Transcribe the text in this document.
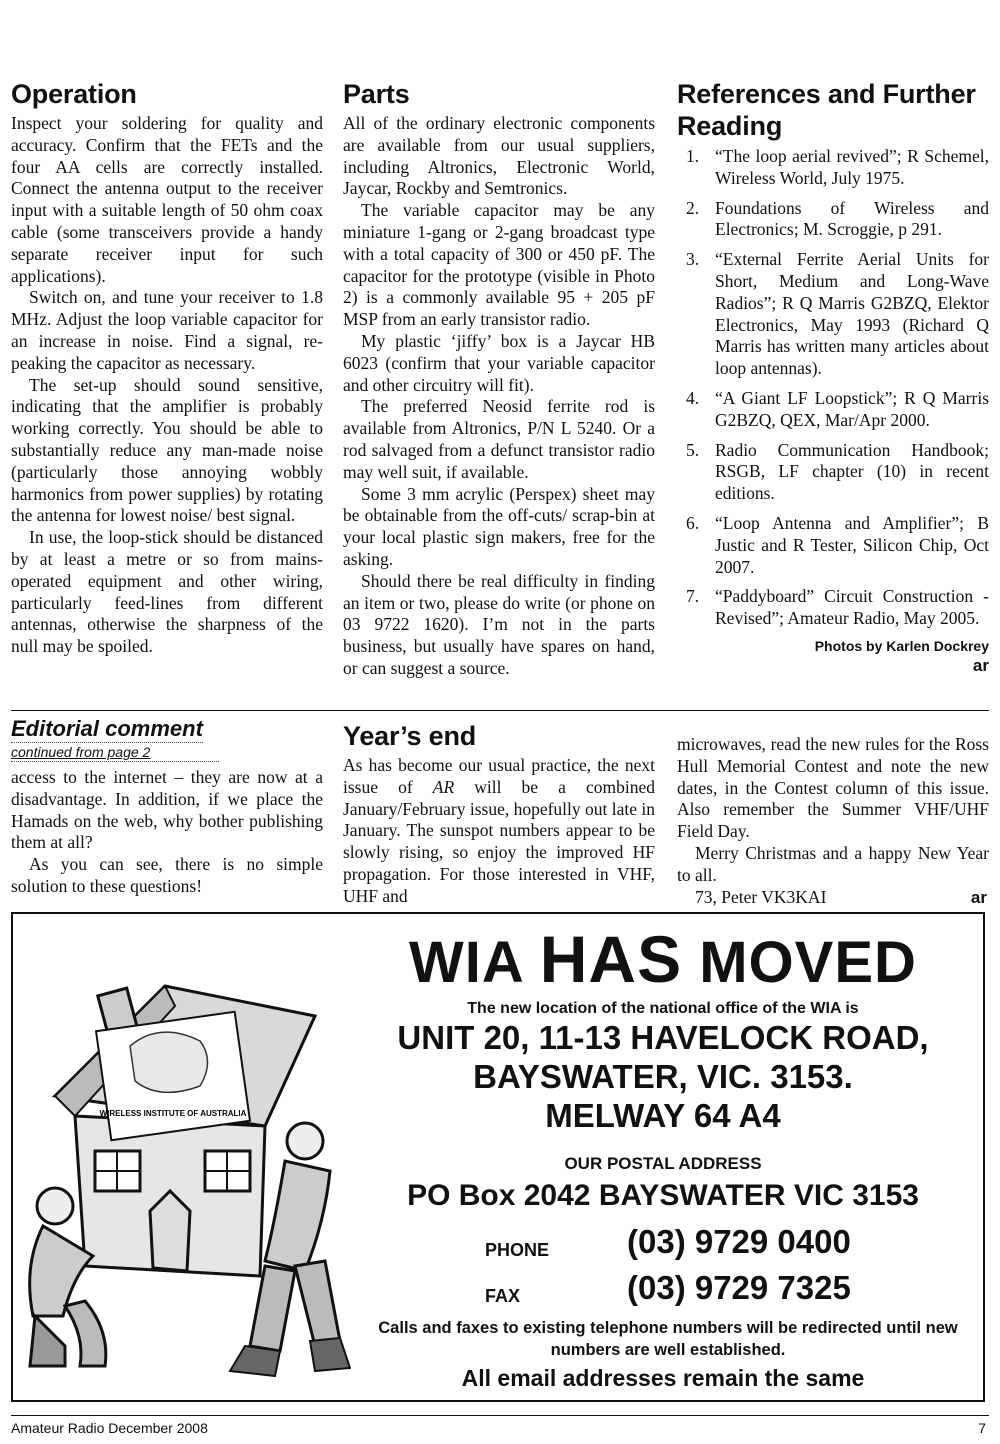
Operation

Inspect your soldering for quality and accuracy. Confirm that the FETs and the four AA cells are correctly installed. Connect the antenna output to the receiver input with a suitable length of 50 ohm coax cable (some transceivers provide a handy separate receiver input for such applications).

Switch on, and tune your receiver to 1.8 MHz. Adjust the loop variable capacitor for an increase in noise. Find a signal, re-peaking the capacitor as necessary.

The set-up should sound sensitive, indicating that the amplifier is probably working correctly. You should be able to substantially reduce any man-made noise (particularly those annoying wobbly harmonics from power supplies) by rotating the antenna for lowest noise/ best signal.

In use, the loop-stick should be distanced by at least a metre or so from mains-operated equipment and other wiring, particularly feed-lines from different antennas, otherwise the sharpness of the null may be spoiled.

Parts

All of the ordinary electronic components are available from our usual suppliers, including Altronics, Electronic World, Jaycar, Rockby and Semtronics.

The variable capacitor may be any miniature 1-gang or 2-gang broadcast type with a total capacity of 300 or 450 pF. The capacitor for the prototype (visible in Photo 2) is a commonly available 95 + 205 pF MSP from an early transistor radio.

My plastic ‘jiffy’ box is a Jaycar HB 6023 (confirm that your variable capacitor and other circuitry will fit).

The preferred Neosid ferrite rod is available from Altronics, P/N L 5240. Or a rod salvaged from a defunct transistor radio may well suit, if available.

Some 3 mm acrylic (Perspex) sheet may be obtainable from the off-cuts/ scrap-bin at your local plastic sign makers, free for the asking.

Should there be real difficulty in finding an item or two, please do write (or phone on 03 9722 1620). I’m not in the parts business, but usually have spares on hand, or can suggest a source.

References and Further Reading
1. “The loop aerial revived”; R Schemel, Wireless World, July 1975.
2. Foundations of Wireless and Electronics; M. Scroggie, p 291.
3. “External Ferrite Aerial Units for Short, Medium and Long-Wave Radios”; R Q Marris G2BZQ, Elektor Electronics, May 1993 (Richard Q Marris has written many articles about loop antennas).
4. “A Giant LF Loopstick”; R Q Marris G2BZQ, QEX, Mar/Apr 2000.
5. Radio Communication Handbook; RSGB, LF chapter (10) in recent editions.
6. “Loop Antenna and Amplifier”; B Justic and R Tester, Silicon Chip, Oct 2007.
7. “Paddyboard” Circuit Construction - Revised”; Amateur Radio, May 2005.
Photos by Karlen Dockrey
ar
Editorial comment
continued from page 2

access to the internet – they are now at a disadvantage. In addition, if we place the Hamads on the web, why bother publishing them at all?

As you can see, there is no simple solution to these questions!

Year’s end

As has become our usual practice, the next issue of AR will be a combined January/February issue, hopefully out late in January. The sunspot numbers appear to be slowly rising, so enjoy the improved HF propagation. For those interested in VHF, UHF and

microwaves, read the new rules for the Ross Hull Memorial Contest and note the new dates, in the Contest column of this issue. Also remember the Summer VHF/UHF Field Day.

Merry Christmas and a happy New Year to all.

73, Peter VK3KAI	ar

WIRELESS INSTITUTE OF AUSTRALIA
WIA HAS MOVED
The new location of the national office of the WIA is
UNIT 20, 11-13 HAVELOCK ROAD,
BAYSWATER, VIC. 3153.
MELWAY 64 A4
OUR POSTAL ADDRESS
PO Box 2042 BAYSWATER VIC 3153
PHONE (03) 9729 0400
FAX	(03) 9729 7325
Calls and faxes to existing telephone numbers will be redirected until new numbers are well established.
All email addresses remain the same
Amateur Radio December 2008	7
